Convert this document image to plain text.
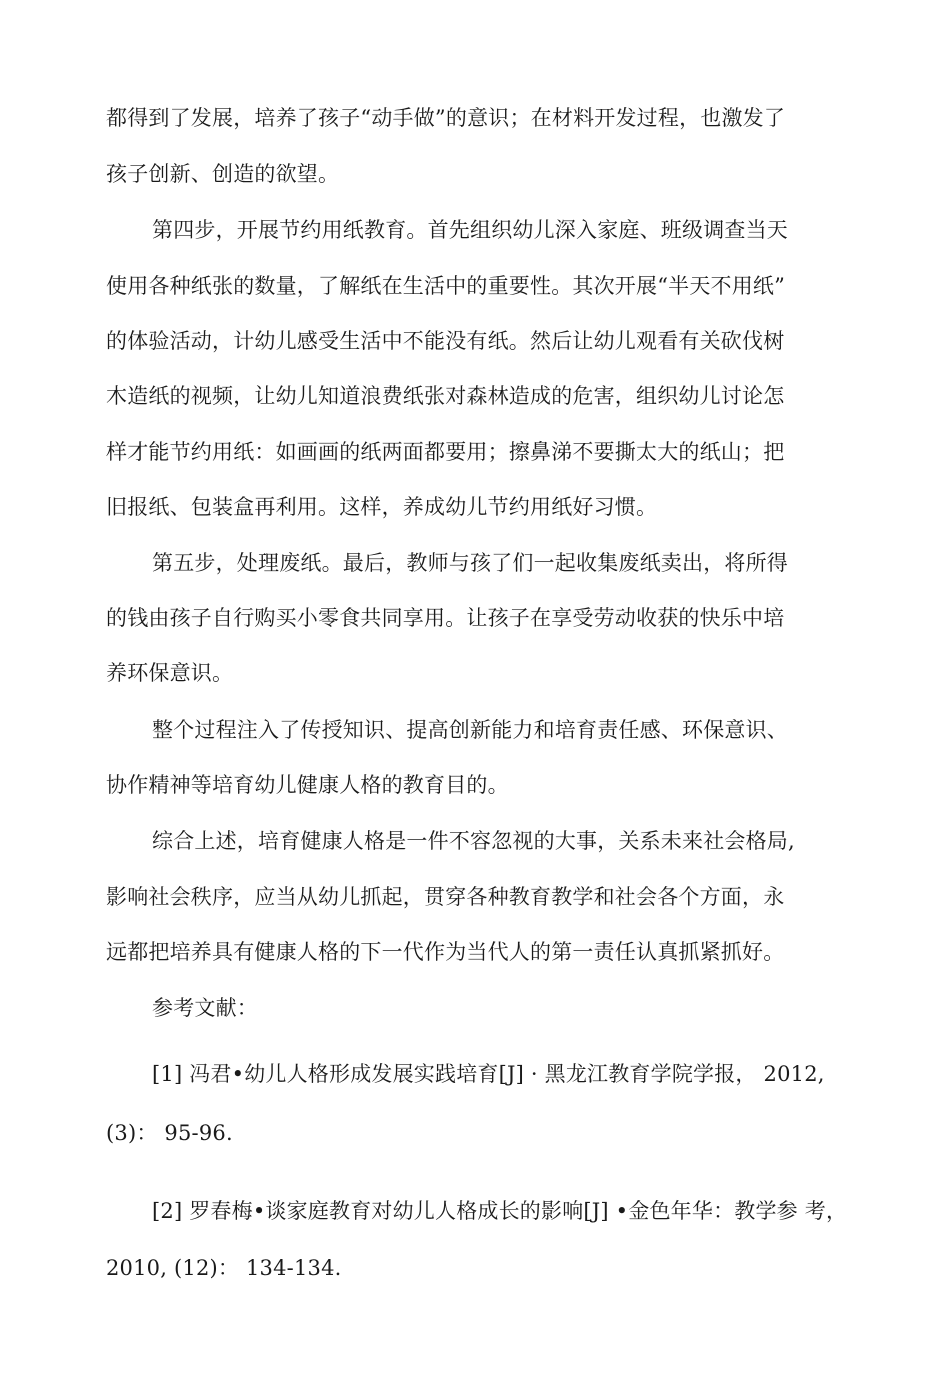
都得到了发展，培养了孩子“动手做”的意识；在材料开发过程，也激发了
孩子创新、创造的欲望。
第四步，开展节约用纸教育。首先组织幼儿深入家庭、班级调查当天
使用各种纸张的数量，了解纸在生活中的重要性。其次开展“半天不用纸”
的体验活动，计幼儿感受生活中不能没有纸。然后让幼儿观看有关砍伐树
木造纸的视频，让幼儿知道浪费纸张对森林造成的危害，组织幼儿讨论怎
样才能节约用纸：如画画的纸两面都要用；擦鼻涕不要撕太大的纸山；把
旧报纸、包装盒再利用。这样，养成幼儿节约用纸好习惯。
第五步，处理废纸。最后，教师与孩了们一起收集废纸卖出，将所得
的钱由孩子自行购买小零食共同享用。让孩子在享受劳动收获的快乐中培
养环保意识。
整个过程注入了传授知识、提高创新能力和培育责任感、环保意识、
协作精神等培育幼儿健康人格的教育目的。
综合上述，培育健康人格是一件不容忽视的大事，关系未来社会格局,
影响社会秩序，应当从幼儿抓起，贯穿各种教育教学和社会各个方面，永
远都把培养具有健康人格的下一代作为当代人的第一责任认真抓紧抓好。
参考文献：
[1] 冯君•幼儿人格形成发展实践培育[J] · 黑龙江教育学院学报， 2012,
(3)： 95-96.
[2] 罗春梅•谈家庭教育对幼儿人格成长的影响[J] •金色年华：教学参 考，
2010, (12)： 134-134.
